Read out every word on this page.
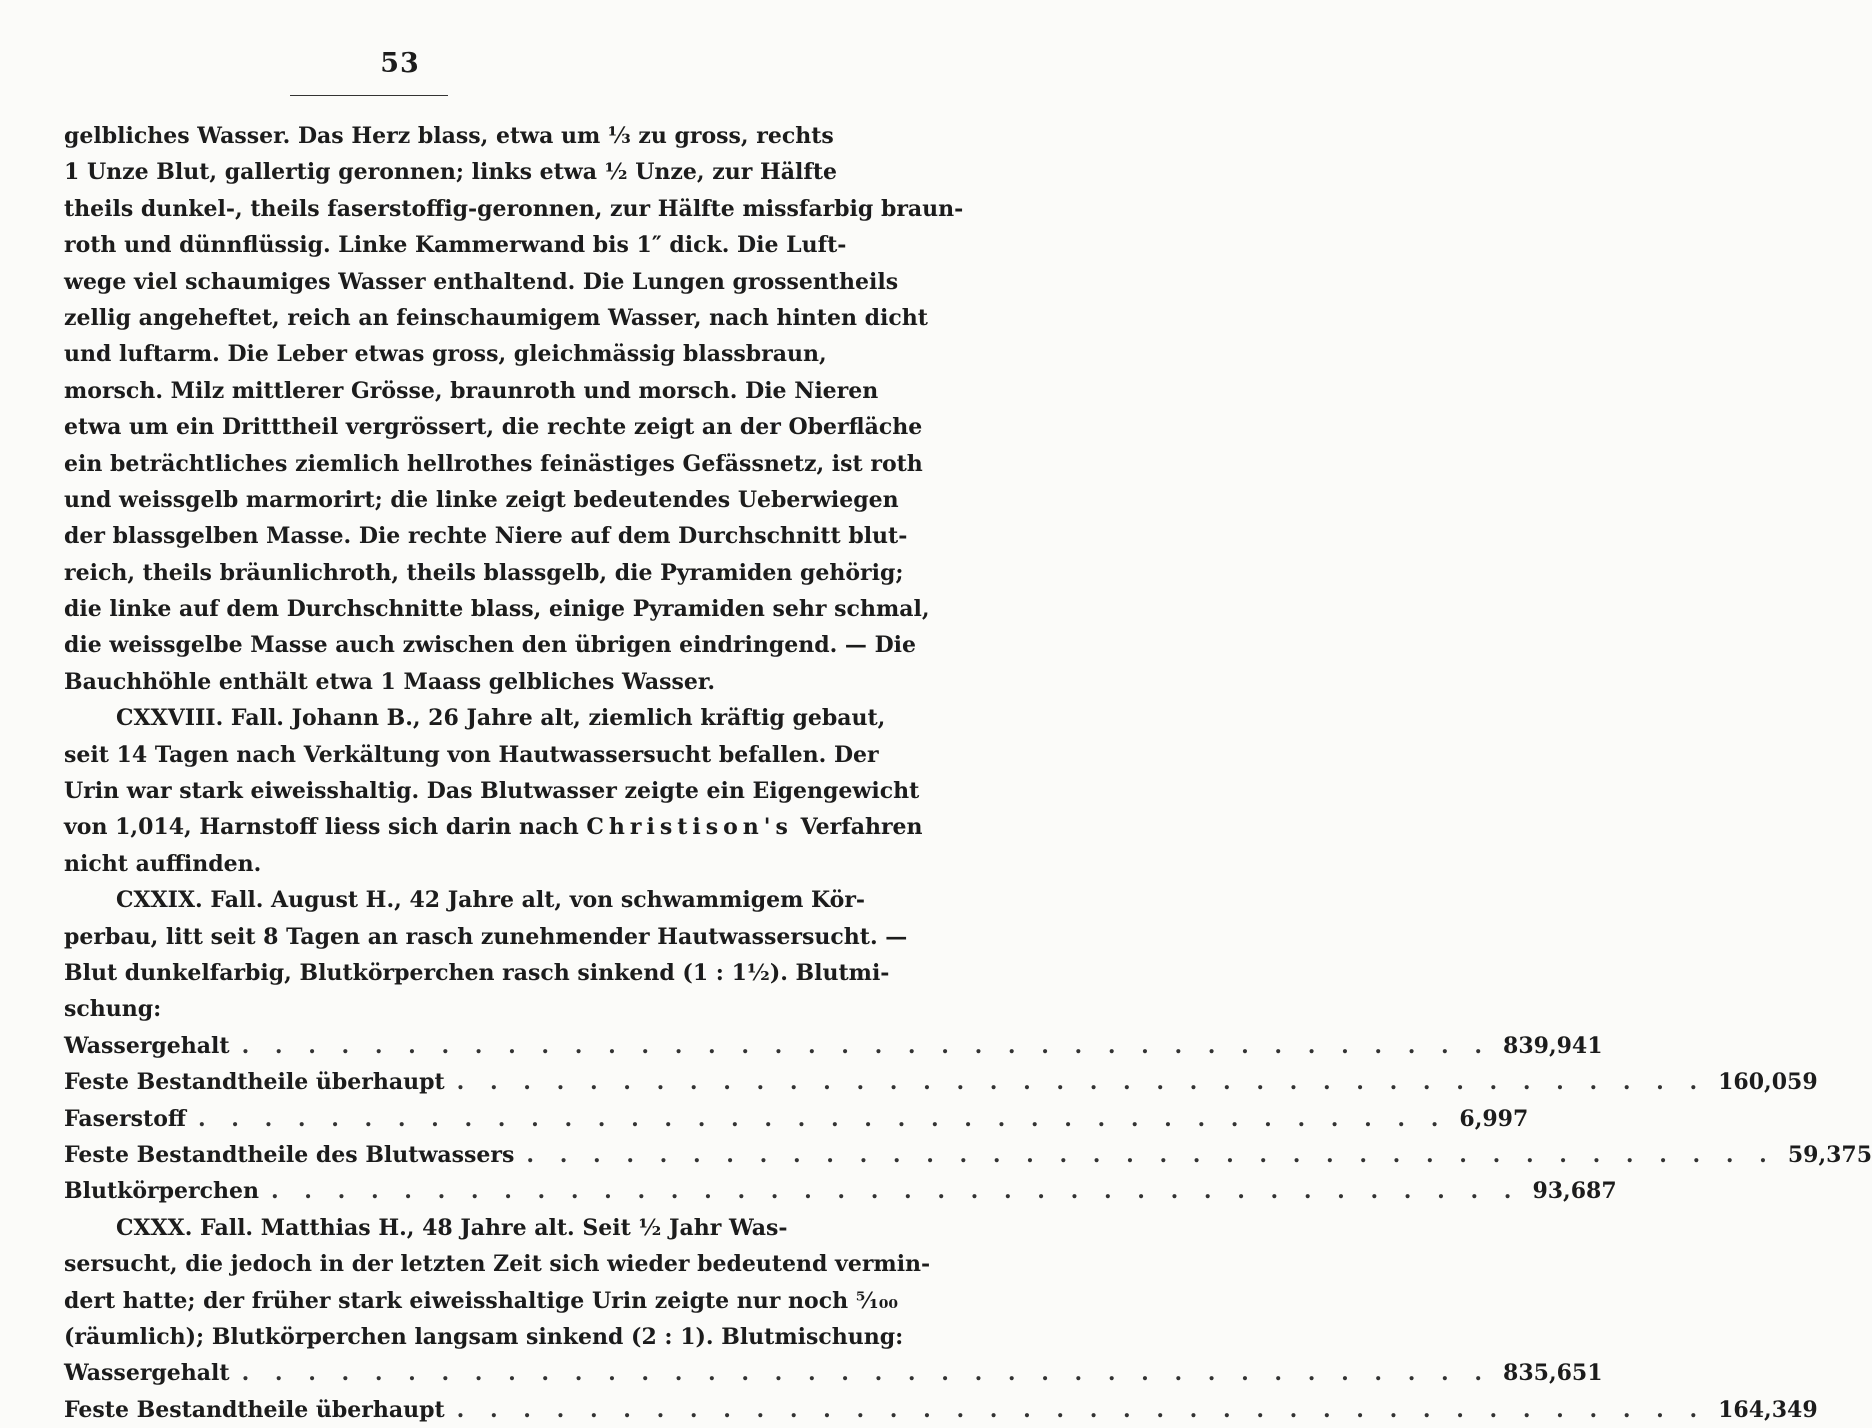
53
gelbliches Wasser. Das Herz blass, etwa um ⅓ zu gross, rechts
1 Unze Blut, gallertig geronnen; links etwa ½ Unze, zur Hälfte
theils dunkel-, theils faserstoffig-geronnen, zur Hälfte missfarbig braun-
roth und dünnflüssig. Linke Kammerwand bis 1″ dick. Die Luft-
wege viel schaumiges Wasser enthaltend. Die Lungen grossentheils
zellig angeheftet, reich an feinschaumigem Wasser, nach hinten dicht
und luftarm. Die Leber etwas gross, gleichmässig blassbraun,
morsch. Milz mittlerer Grösse, braunroth und morsch. Die Nieren
etwa um ein Dritttheil vergrössert, die rechte zeigt an der Oberfläche
ein beträchtliches ziemlich hellrothes feinästiges Gefässnetz, ist roth
und weissgelb marmorirt; die linke zeigt bedeutendes Ueberwiegen
der blassgelben Masse. Die rechte Niere auf dem Durchschnitt blut-
reich, theils bräunlichroth, theils blassgelb, die Pyramiden gehörig;
die linke auf dem Durchschnitte blass, einige Pyramiden sehr schmal,
die weissgelbe Masse auch zwischen den übrigen eindringend. — Die
Bauchhöhle enthält etwa 1 Maass gelbliches Wasser.
CXXVIII. Fall. Johann B., 26 Jahre alt, ziemlich kräftig gebaut,
seit 14 Tagen nach Verkältung von Hautwassersucht befallen. Der
Urin war stark eiweisshaltig. Das Blutwasser zeigte ein Eigengewicht
von 1,014, Harnstoff liess sich darin nach Christison's Verfahren
nicht auffinden.
CXXIX. Fall. August H., 42 Jahre alt, von schwammigem Kör-
perbau, litt seit 8 Tagen an rasch zunehmender Hautwassersucht. —
Blut dunkelfarbig, Blutkörperchen rasch sinkend (1 : 1½). Blutmi-
schung:
Wassergehalt . . .	839,941
Feste Bestandtheile überhaupt . . .	160,059
Faserstoff . . .	6,997
Feste Bestandtheile des Blutwassers . . .	59,375
Blutkörperchen . . .	93,687
CXXX. Fall. Matthias H., 48 Jahre alt. Seit ½ Jahr Was-
sersucht, die jedoch in der letzten Zeit sich wieder bedeutend vermin-
dert hatte; der früher stark eiweisshaltige Urin zeigte nur noch ⁵⁄₁₀₀
(räumlich); Blutkörperchen langsam sinkend (2 : 1). Blutmischung:
Wassergehalt . . .	835,651
Feste Bestandtheile überhaupt . . .	164,349
